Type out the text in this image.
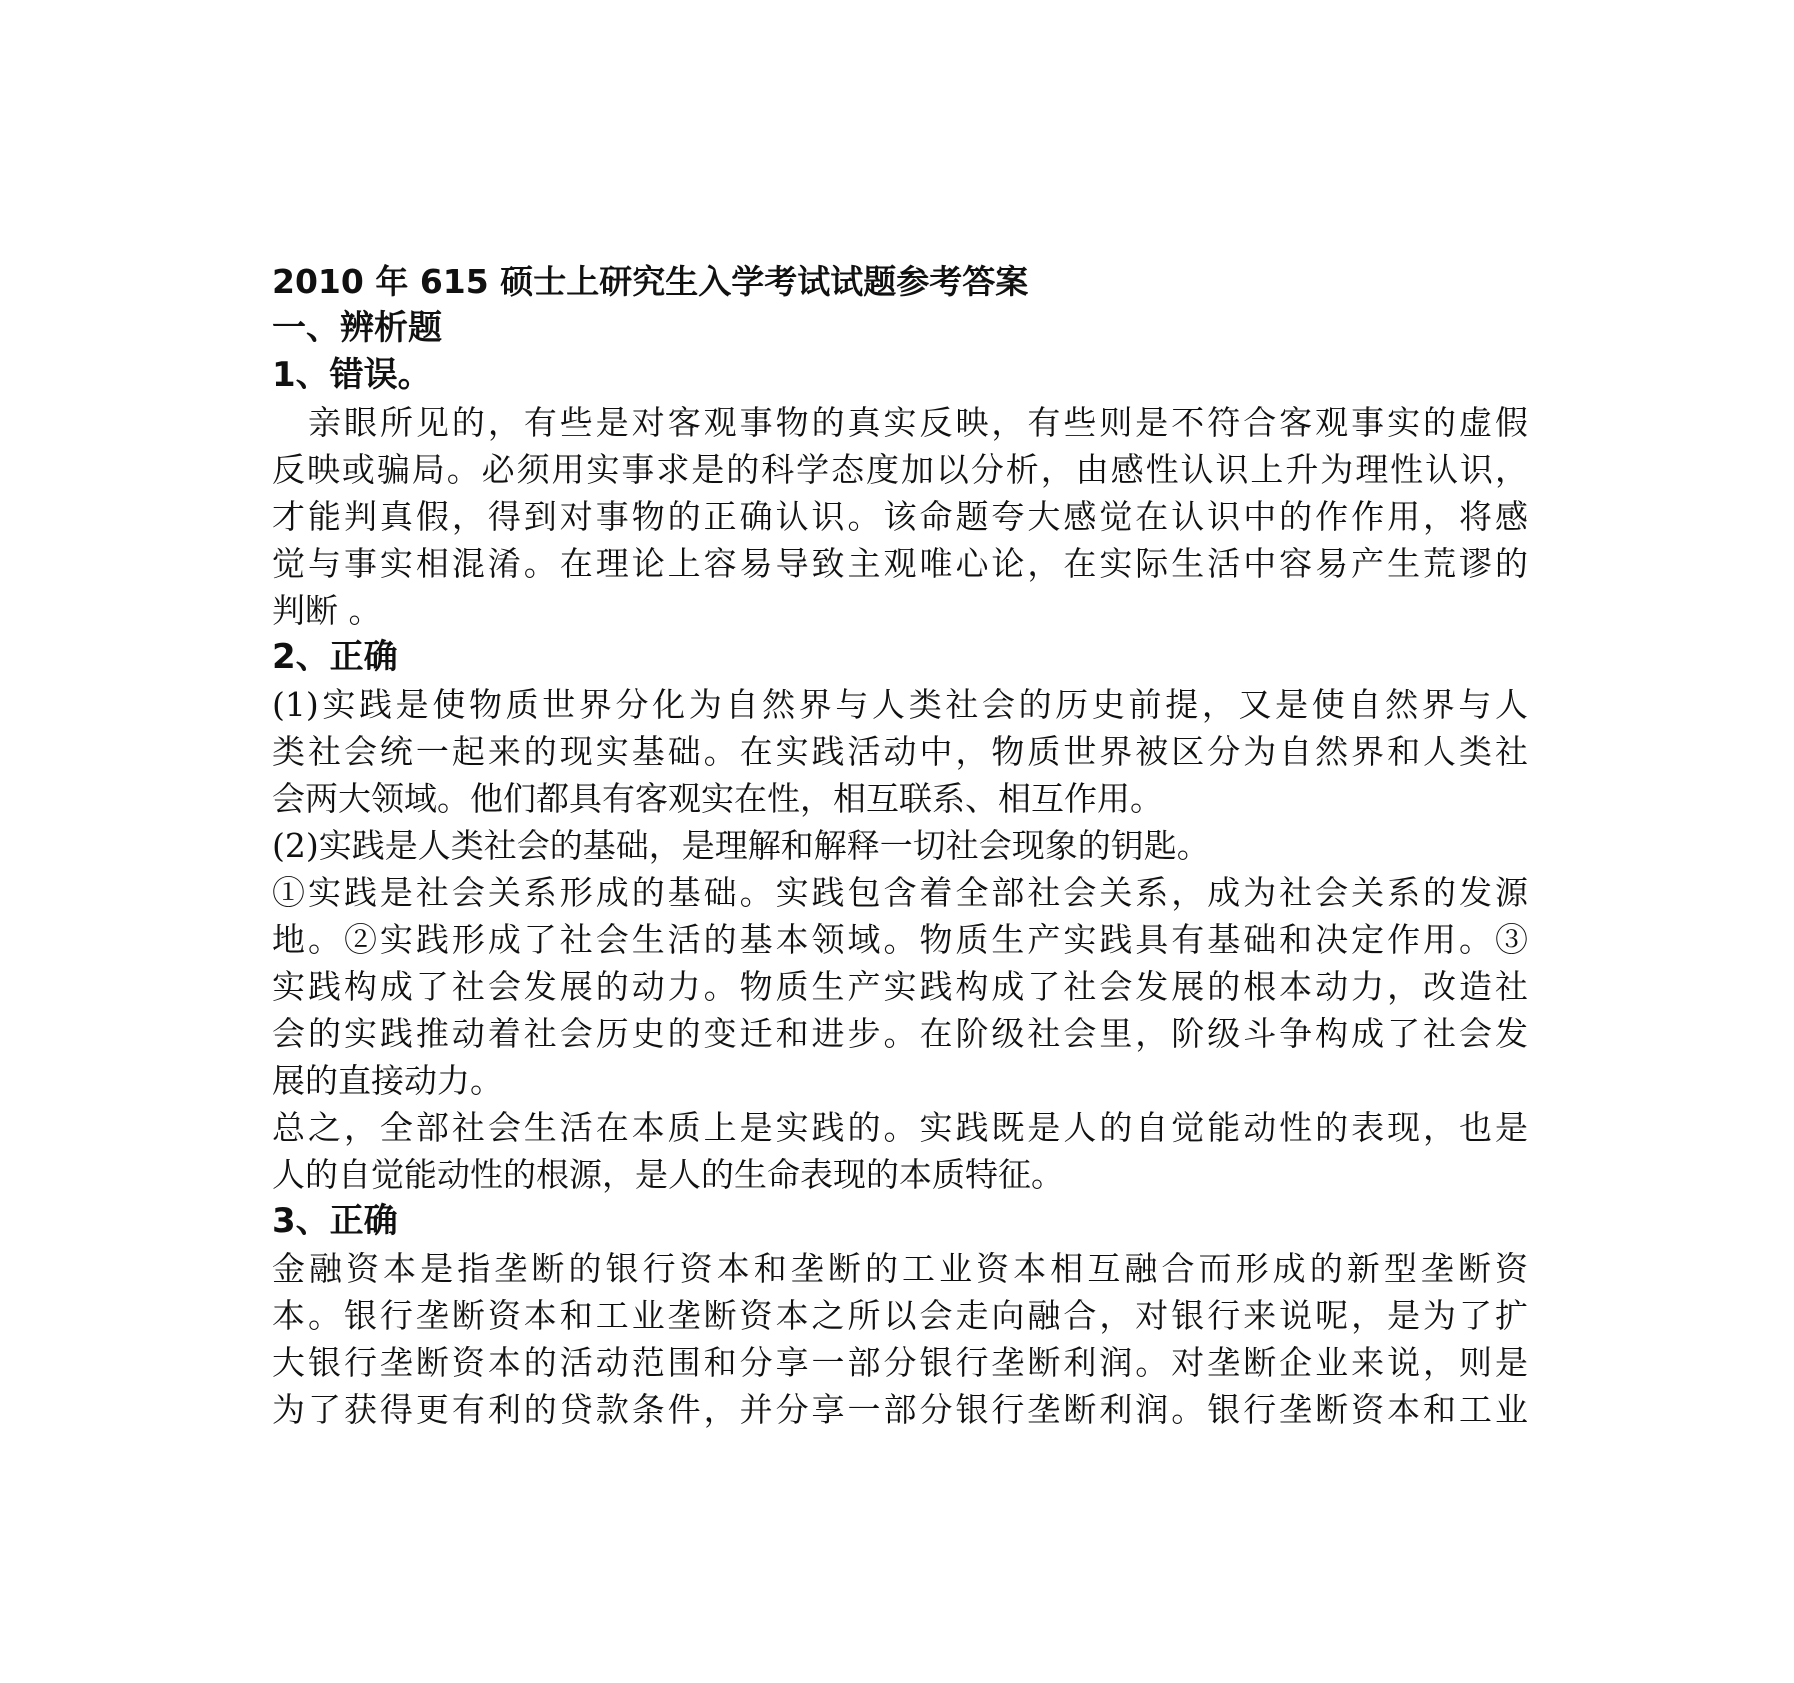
2010 年 615 硕士上研究生入学考试试题参考答案
一、辨析题
1、错误。
亲眼所见的，有些是对客观事物的真实反映，有些则是不符合客观事实的虚假
反映或骗局。必须用实事求是的科学态度加以分析，由感性认识上升为理性认识，
才能判真假，得到对事物的正确认识。该命题夸大感觉在认识中的作作用，将感
觉与事实相混淆。在理论上容易导致主观唯心论，在实际生活中容易产生荒谬的
判断 。
2、正确
(1)实践是使物质世界分化为自然界与人类社会的历史前提，又是使自然界与人
类社会统一起来的现实基础。在实践活动中，物质世界被区分为自然界和人类社
会两大领域。他们都具有客观实在性，相互联系、相互作用。
(2)实践是人类社会的基础，是理解和解释一切社会现象的钥匙。
①实践是社会关系形成的基础。实践包含着全部社会关系，成为社会关系的发源
地。②实践形成了社会生活的基本领域。物质生产实践具有基础和决定作用。③
实践构成了社会发展的动力。物质生产实践构成了社会发展的根本动力，改造社
会的实践推动着社会历史的变迁和进步。在阶级社会里，阶级斗争构成了社会发
展的直接动力。
总之，全部社会生活在本质上是实践的。实践既是人的自觉能动性的表现，也是
人的自觉能动性的根源，是人的生命表现的本质特征。
3、正确
金融资本是指垄断的银行资本和垄断的工业资本相互融合而形成的新型垄断资
本。银行垄断资本和工业垄断资本之所以会走向融合，对银行来说呢，是为了扩
大银行垄断资本的活动范围和分享一部分银行垄断利润。对垄断企业来说，则是
为了获得更有利的贷款条件，并分享一部分银行垄断利润。银行垄断资本和工业
